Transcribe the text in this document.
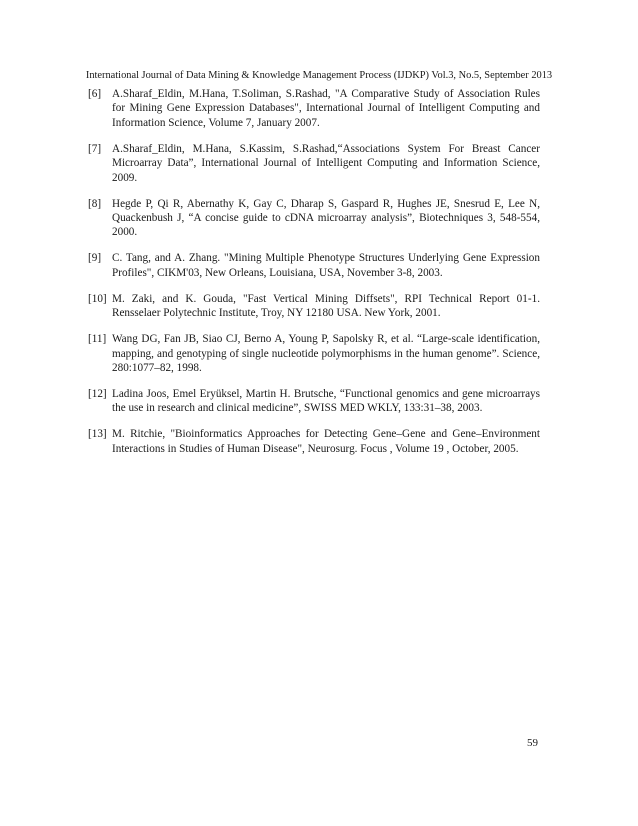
International Journal of Data Mining & Knowledge Management Process (IJDKP) Vol.3, No.5, September 2013
[6] A.Sharaf_Eldin, M.Hana, T.Soliman, S.Rashad, "A Comparative Study of Association Rules for Mining Gene Expression Databases", International Journal of Intelligent Computing and Information Science, Volume 7, January 2007.
[7] A.Sharaf_Eldin, M.Hana, S.Kassim, S.Rashad,“Associations System For Breast Cancer Microarray Data”, International Journal of Intelligent Computing and Information Science, 2009.
[8] Hegde P, Qi R, Abernathy K, Gay C, Dharap S, Gaspard R, Hughes JE, Snesrud E, Lee N, Quackenbush J, “A concise guide to cDNA microarray analysis”, Biotechniques 3, 548-554, 2000.
[9] C. Tang, and A. Zhang. "Mining Multiple Phenotype Structures Underlying Gene Expression Profiles", CIKM'03, New Orleans, Louisiana, USA, November 3-8, 2003.
[10] M. Zaki, and K. Gouda, "Fast Vertical Mining Diffsets", RPI Technical Report 01-1. Rensselaer Polytechnic Institute, Troy, NY 12180 USA. New York, 2001.
[11] Wang DG, Fan JB, Siao CJ, Berno A, Young P, Sapolsky R, et al. “Large-scale identification, mapping, and genotyping of single nucleotide polymorphisms in the human genome”. Science, 280:1077–82, 1998.
[12] Ladina Joos, Emel Eryüksel, Martin H. Brutsche, “Functional genomics and gene microarrays the use in research and clinical medicine”, SWISS MED WKLY, 133:31–38, 2003.
[13] M. Ritchie, "Bioinformatics Approaches for Detecting Gene–Gene and Gene–Environment Interactions in Studies of Human Disease", Neurosurg. Focus , Volume 19 , October, 2005.
59
